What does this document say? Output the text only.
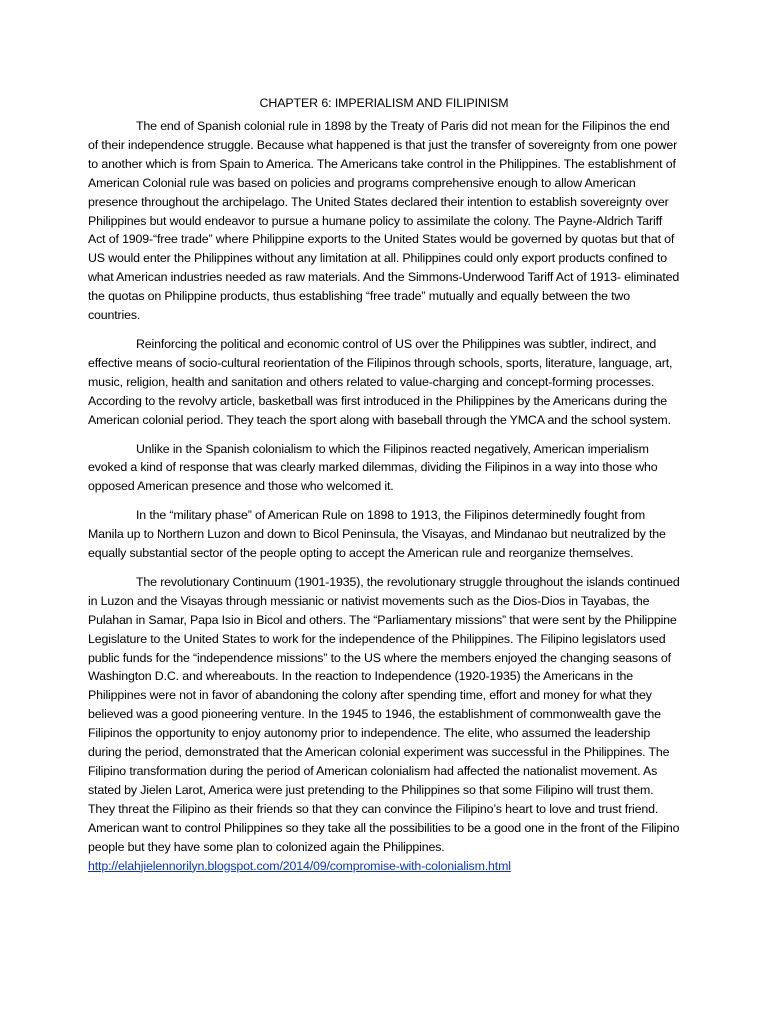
CHAPTER 6: IMPERIALISM AND FILIPINISM

The end of Spanish colonial rule in 1898 by the Treaty of Paris did not mean for the Filipinos the end of their independence struggle. Because what happened is that just the transfer of sovereignty from one power to another which is from Spain to America. The Americans take control in the Philippines. The establishment of American Colonial rule was based on policies and programs comprehensive enough to allow American presence throughout the archipelago. The United States declared their intention to establish sovereignty over Philippines but would endeavor to pursue a humane policy to assimilate the colony. The Payne-Aldrich Tariff Act of 1909-“free trade” where Philippine exports to the United States would be governed by quotas but that of US would enter the Philippines without any limitation at all. Philippines could only export products confined to what American industries needed as raw materials. And the Simmons-Underwood Tariff Act of 1913- eliminated the quotas on Philippine products, thus establishing “free trade” mutually and equally between the two countries.

Reinforcing the political and economic control of US over the Philippines was subtler, indirect, and effective means of socio-cultural reorientation of the Filipinos through schools, sports, literature, language, art, music, religion, health and sanitation and others related to value-charging and concept-forming processes. According to the revolvy article, basketball was first introduced in the Philippines by the Americans during the American colonial period. They teach the sport along with baseball through the YMCA and the school system.

Unlike in the Spanish colonialism to which the Filipinos reacted negatively, American imperialism evoked a kind of response that was clearly marked dilemmas, dividing the Filipinos in a way into those who opposed American presence and those who welcomed it.

In the “military phase” of American Rule on 1898 to 1913, the Filipinos determinedly fought from Manila up to Northern Luzon and down to Bicol Peninsula, the Visayas, and Mindanao but neutralized by the equally substantial sector of the people opting to accept the American rule and reorganize themselves.

The revolutionary Continuum (1901-1935), the revolutionary struggle throughout the islands continued in Luzon and the Visayas through messianic or nativist movements such as the Dios-Dios in Tayabas, the Pulahan in Samar, Papa Isio in Bicol and others. The “Parliamentary missions” that were sent by the Philippine Legislature to the United States to work for the independence of the Philippines. The Filipino legislators used public funds for the “independence missions” to the US where the members enjoyed the changing seasons of Washington D.C. and whereabouts. In the reaction to Independence (1920-1935) the Americans in the Philippines were not in favor of abandoning the colony after spending time, effort and money for what they believed was a good pioneering venture. In the 1945 to 1946, the establishment of commonwealth gave the Filipinos the opportunity to enjoy autonomy prior to independence. The elite, who assumed the leadership during the period, demonstrated that the American colonial experiment was successful in the Philippines. The Filipino transformation during the period of American colonialism had affected the nationalist movement. As stated by Jielen Larot, America were just pretending to the Philippines so that some Filipino will trust them. They threat the Filipino as their friends so that they can convince the Filipino’s heart to love and trust friend. American want to control Philippines so they take all the possibilities to be a good one in the front of the Filipino people but they have some plan to colonized again the Philippines.

http://elahjielennorilyn.blogspot.com/2014/09/compromise-with-colonialism.html
